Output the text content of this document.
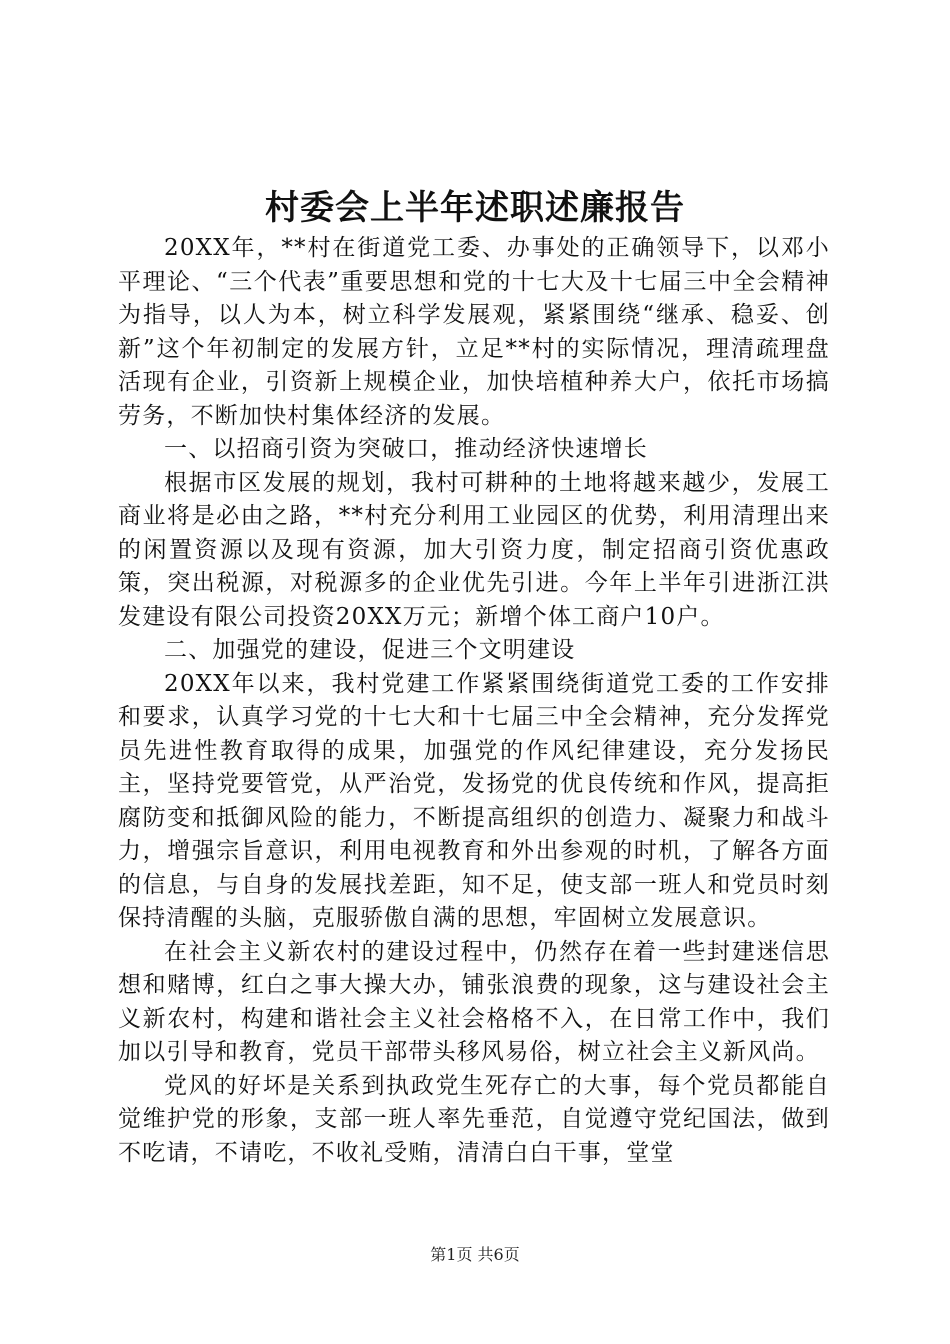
村委会上半年述职述廉报告

20XX年，**村在街道党工委、办事处的正确领导下，以邓小平理论、“三个代表”重要思想和党的十七大及十七届三中全会精神为指导，以人为本，树立科学发展观，紧紧围绕“继承、稳妥、创新”这个年初制定的发展方针，立足**村的实际情况，理清疏理盘活现有企业，引资新上规模企业，加快培植种养大户，依托市场搞劳务，不断加快村集体经济的发展。

一、以招商引资为突破口，推动经济快速增长

根据市区发展的规划，我村可耕种的土地将越来越少，发展工商业将是必由之路，**村充分利用工业园区的优势，利用清理出来的闲置资源以及现有资源，加大引资力度，制定招商引资优惠政策，突出税源，对税源多的企业优先引进。今年上半年引进浙江洪发建设有限公司投资20XX万元；新增个体工商户10户。

二、加强党的建设，促进三个文明建设

20XX年以来，我村党建工作紧紧围绕街道党工委的工作安排和要求，认真学习党的十七大和十七届三中全会精神，充分发挥党员先进性教育取得的成果，加强党的作风纪律建设，充分发扬民主，坚持党要管党，从严治党，发扬党的优良传统和作风，提高拒腐防变和抵御风险的能力，不断提高组织的创造力、凝聚力和战斗力，增强宗旨意识，利用电视教育和外出参观的时机，了解各方面的信息，与自身的发展找差距，知不足，使支部一班人和党员时刻保持清醒的头脑，克服骄傲自满的思想，牢固树立发展意识。

在社会主义新农村的建设过程中，仍然存在着一些封建迷信思想和赌博，红白之事大操大办，铺张浪费的现象，这与建设社会主义新农村，构建和谐社会主义社会格格不入，在日常工作中，我们加以引导和教育，党员干部带头移风易俗，树立社会主义新风尚。

党风的好坏是关系到执政党生死存亡的大事，每个党员都能自觉维护党的形象，支部一班人率先垂范，自觉遵守党纪国法，做到不吃请，不请吃，不收礼受贿，清清白白干事，堂堂

第1页 共6页
